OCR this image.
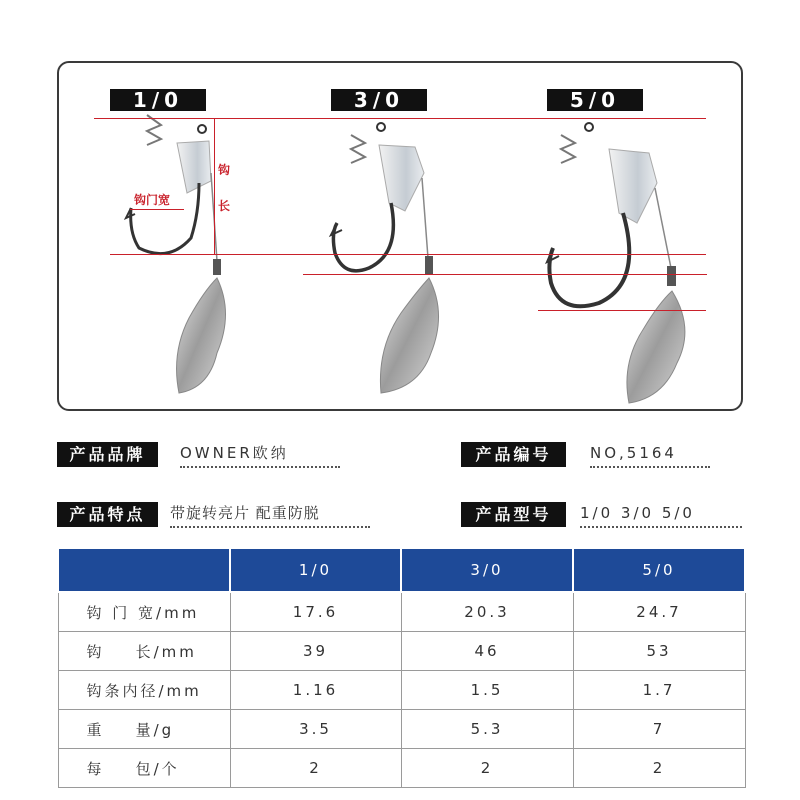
1/0	3/0	5/0
钩门宽
钩
长
产品品牌	OWNER欧纳	产品编号	NO,5164
产品特点	带旋转亮片 配重防脱	产品型号	1/0 3/0 5/0
	1/0	3/0	5/0
钩 门 宽/mm	17.6	20.3	24.7
钩    长/mm	39	46	53
钩条内径/mm	1.16	1.5	1.7
重    量/g	3.5	5.3	7
每    包/个	2	2	2
